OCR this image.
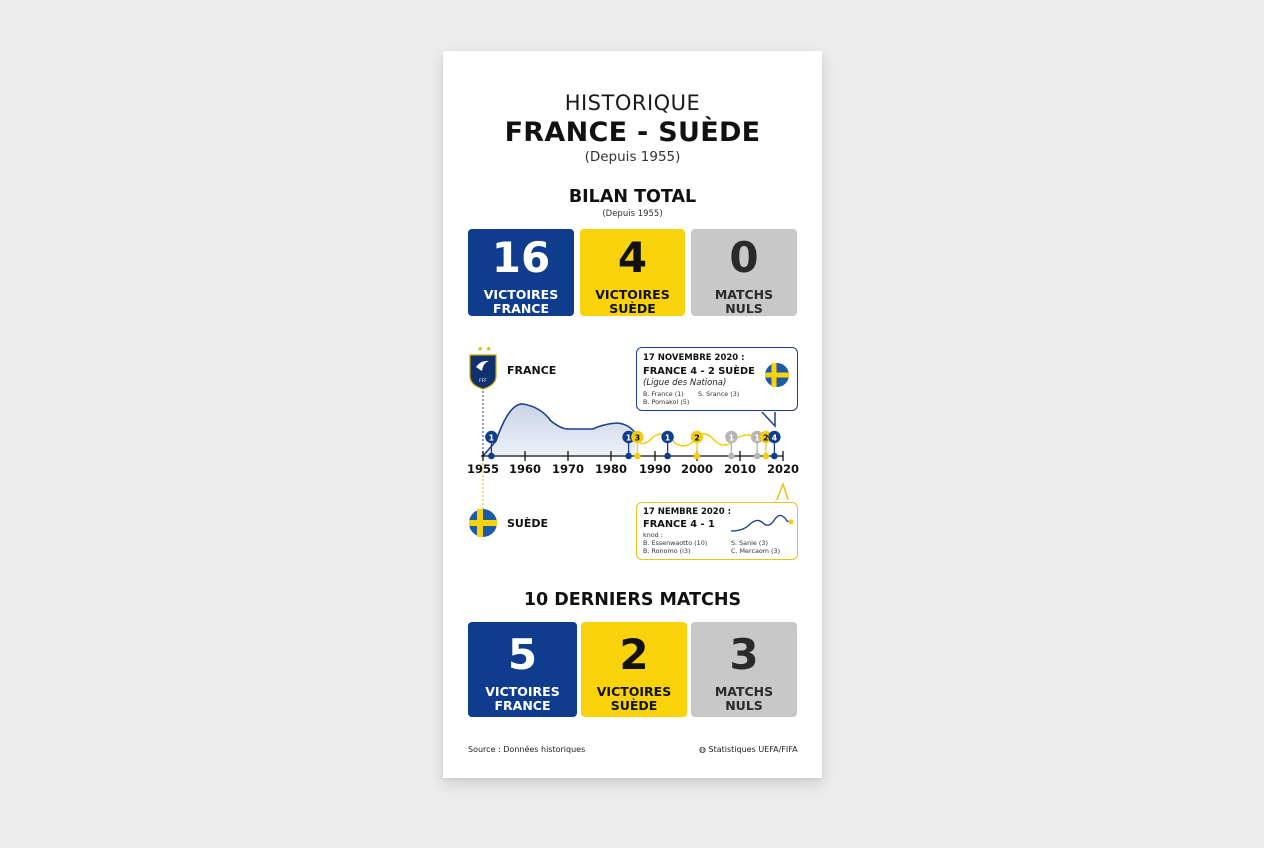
HISTORIQUE
FRANCE - SUÈDE
(Depuis 1955)
BILAN TOTAL
(Depuis 1955)
16
VICTOIRES
FRANCE
4
VICTOIRES
SUÈDE
0
MATCHS
NULS
★ ★
FFF
1	1 3	1	2	1	1 2 4
FRANCE
SUÈDE
1955 1960 1970 1980	1990 2000 2010 2020
17 NOVEMBRE 2020 :
FRANCE 4 - 2 SUÈDE
(Ligue des Nationa)
B. France (1)
B. Pomakol (5)
S. Srance (3)
17 NEMBRE 2020 :
FRANCE 4 - 1
knod :
B. Essenwaotto (10)
B. Ronomo (l3)
S. Sanle (3)
C. Mercaom (3)
10 DERNIERS MATCHS
5
VICTOIRES
FRANCE
2
VICTOIRES
SUÈDE
3
MATCHS
NULS
Source : Données historiques	◍ Statistiques UEFA/FIFA
